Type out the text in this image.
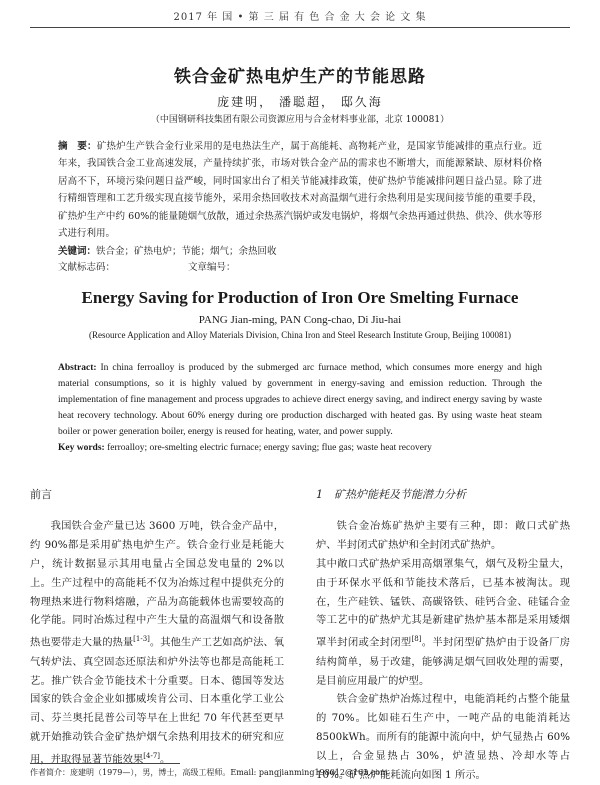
2017 年 国 • 第 三 届 有 色 合 金 大 会 论 文 集
铁合金矿热电炉生产的节能思路
庞建明， 潘聪超， 邸久海
（中国钢研科技集团有限公司资源应用与合金材料事业部，北京 100081）
摘　要：矿热炉生产铁合金行业采用的是电热法生产，属于高能耗、高物耗产业，是国家节能减排的重点行业。近年来，我国铁合金工业高速发展，产量持续扩张，市场对铁合金产品的需求也不断增大，而能源紧缺、原材料价格居高不下，环境污染问题日益严峻，同时国家出台了相关节能减排政策，使矿热炉节能减排问题日益凸显。除了进行精细管理和工艺升级实现直接节能外，采用余热回收技术对高温烟气进行余热利用是实现间接节能的重要手段，矿热炉生产中约 60%的能量随烟气放散，通过余热蒸汽锅炉或发电锅炉，将烟气余热再通过供热、供冷、供水等形式进行利用。
关键词：铁合金；矿热电炉；节能；烟气；余热回收
文献标志码：	文章编号：
Energy Saving for Production of Iron Ore Smelting Furnace
PANG Jian-ming, PAN Cong-chao, Di Jiu-hai
(Resource Application and Alloy Materials Division, China Iron and Steel Research Institute Group, Beijing 100081)
Abstract: In china ferroalloy is produced by the submerged arc furnace method, which consumes more energy and high material consumptions, so it is highly valued by government in energy-saving and emission reduction. Through the implementation of fine management and process upgrades to achieve direct energy saving, and indirect energy saving by waste heat recovery technology. About 60% energy during ore production discharged with heated gas. By using waste heat steam boiler or power generation boiler, energy is reused for heating, water, and power supply.
Key words: ferroalloy; ore-smelting electric furnace; energy saving; flue gas; waste heat recovery
前言

我国铁合金产量已达 3600 万吨，铁合金产品中，约 90%都是采用矿热电炉生产。铁合金行业是耗能大户，统计数据显示其用电量占全国总发电量的 2%以上。生产过程中的高能耗不仅为冶炼过程中提供充分的物理热来进行物料熔融，产品为高能载体也需要较高的化学能。同时冶炼过程中产生大量的高温烟气和设备散热也要带走大量的热量[1-3]。其他生产工艺如高炉法、氧气转炉法、真空固态还原法和炉外法等也都是高能耗工艺。推广铁合金节能技术十分重要。日本、德国等发达国家的铁合金企业如挪威埃肯公司、日本重化学工业公司、芬兰奥托昆普公司等早在上世纪 70 年代甚至更早就开始推动铁合金矿热炉烟气余热利用技术的研究和应用，并取得显著节能效果[4-7]。

1　矿热炉能耗及节能潜力分析

铁合金冶炼矿热炉主要有三种，即：敞口式矿热炉、半封闭式矿热炉和全封闭式矿热炉。

其中敞口式矿热炉采用高烟罩集气，烟气及粉尘量大，由于环保水平低和节能技术落后，已基本被淘汰。现在，生产硅铁、锰铁、高碳铬铁、硅钙合金、硅锰合金等工艺中的矿热炉尤其是新建矿热炉基本都是采用矮烟罩半封闭或全封闭型[8]。半封闭型矿热炉由于设备厂房结构简单，易于改建，能够满足烟气回收处理的需要，是目前应用最广的炉型。

铁合金矿热炉冶炼过程中，电能消耗约占整个能量的 70%。比如硅石生产中，一吨产品的电能消耗达 8500kWh。而所有的能源中流向中，炉气显热占 60%以上，合金显热占 30%，炉渣显热、冷却水等占 10%。矿热炉能耗流向如图 1 所示。

作者简介：庞建明（1979—），男，博士，高级工程师。Email: pangjianming198012@163.com
